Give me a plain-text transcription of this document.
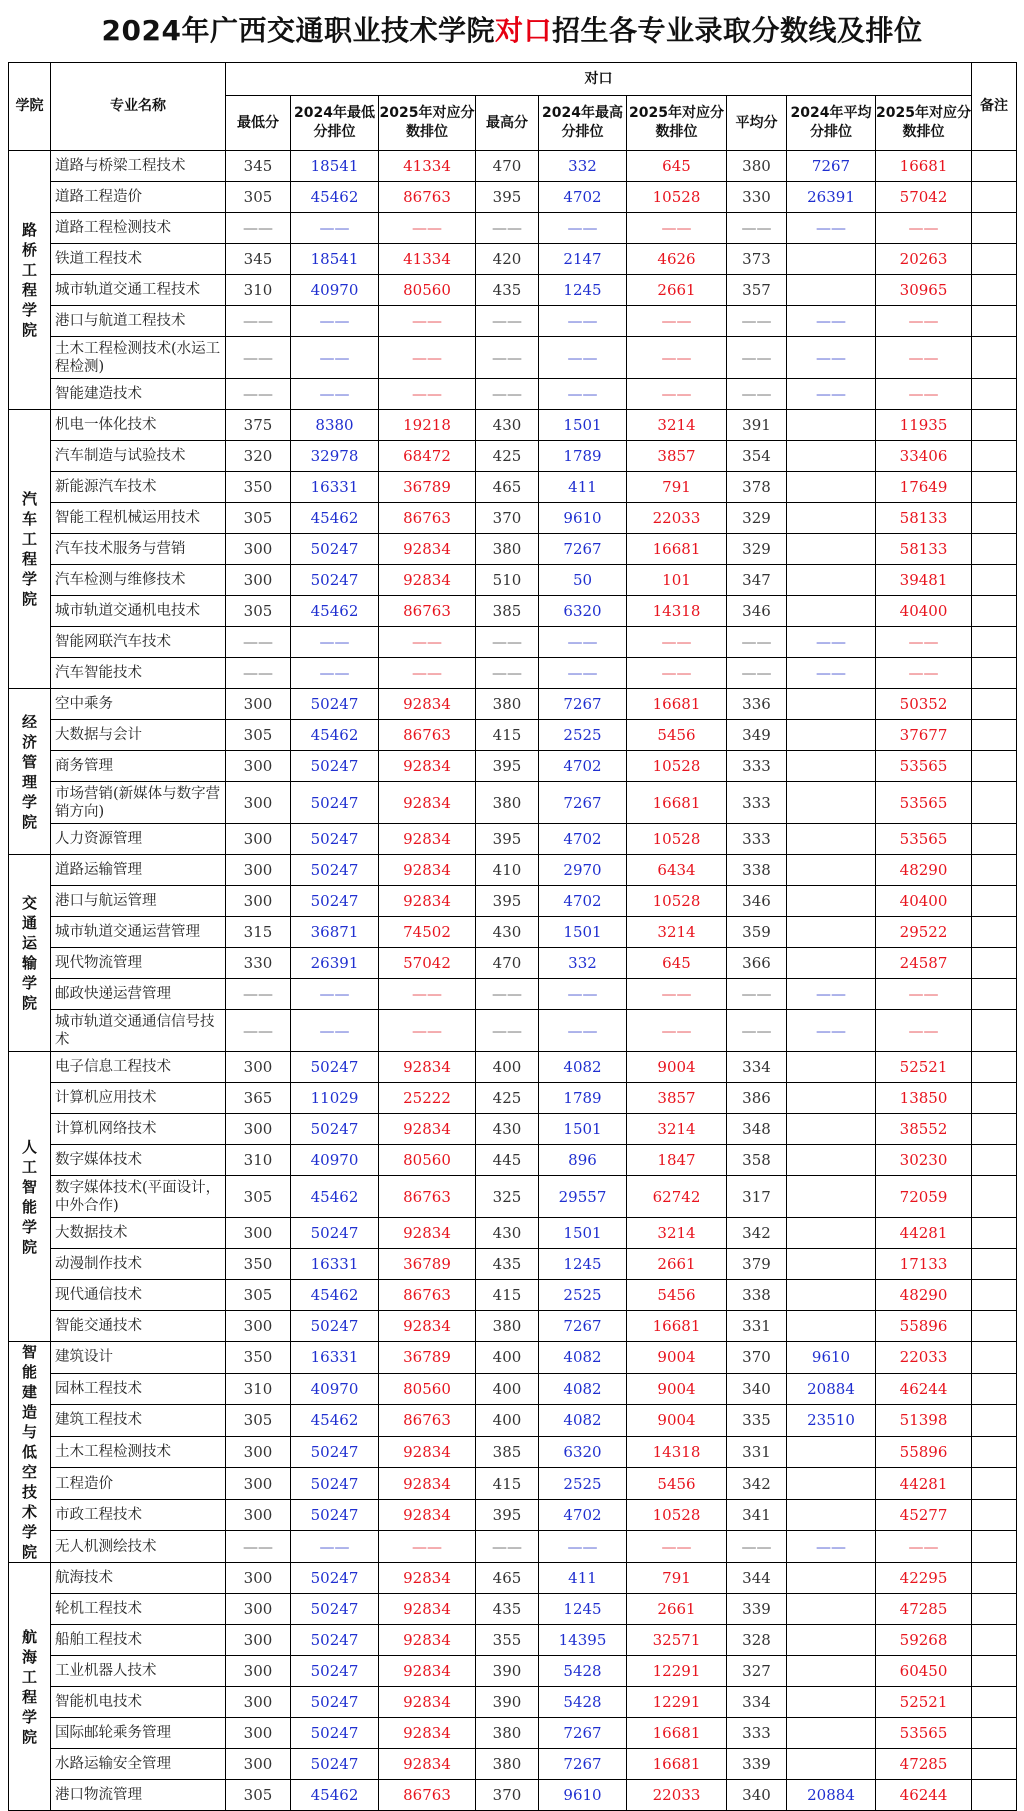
2024年广西交通职业技术学院对口招生各专业录取分数线及排位
学院	专业名称	对口									备注
		最低分	2024年最低分排位	2025年对应分数排位	最高分	2024年最高分排位	2025年对应分数排位	平均分	2024年平均分排位	2025年对应分数排位	
路桥工程学院	道路与桥梁工程技术	345	18541	41334	470	332	645	380	7267	16681	
	道路工程造价	305	45462	86763	395	4702	10528	330	26391	57042	
	道路工程检测技术	——	——	——	——	——	——	——	——	——	
	铁道工程技术	345	18541	41334	420	2147	4626	373		20263	
	城市轨道交通工程技术	310	40970	80560	435	1245	2661	357		30965	
	港口与航道工程技术	——	——	——	——	——	——	——	——	——	
	土木工程检测技术(水运工程检测)	——	——	——	——	——	——	——	——	——	
	智能建造技术	——	——	——	——	——	——	——	——	——	
汽车工程学院	机电一体化技术	375	8380	19218	430	1501	3214	391		11935	
	汽车制造与试验技术	320	32978	68472	425	1789	3857	354		33406	
	新能源汽车技术	350	16331	36789	465	411	791	378		17649	
	智能工程机械运用技术	305	45462	86763	370	9610	22033	329		58133	
	汽车技术服务与营销	300	50247	92834	380	7267	16681	329		58133	
	汽车检测与维修技术	300	50247	92834	510	50	101	347		39481	
	城市轨道交通机电技术	305	45462	86763	385	6320	14318	346		40400	
	智能网联汽车技术	——	——	——	——	——	——	——	——	——	
	汽车智能技术	——	——	——	——	——	——	——	——	——	
经济管理学院	空中乘务	300	50247	92834	380	7267	16681	336		50352	
	大数据与会计	305	45462	86763	415	2525	5456	349		37677	
	商务管理	300	50247	92834	395	4702	10528	333		53565	
	市场营销(新媒体与数字营销方向)	300	50247	92834	380	7267	16681	333		53565	
	人力资源管理	300	50247	92834	395	4702	10528	333		53565	
交通运输学院	道路运输管理	300	50247	92834	410	2970	6434	338		48290	
	港口与航运管理	300	50247	92834	395	4702	10528	346		40400	
	城市轨道交通运营管理	315	36871	74502	430	1501	3214	359		29522	
	现代物流管理	330	26391	57042	470	332	645	366		24587	
	邮政快递运营管理	——	——	——	——	——	——	——	——	——	
	城市轨道交通通信信号技术	——	——	——	——	——	——	——	——	——	
人工智能学院	电子信息工程技术	300	50247	92834	400	4082	9004	334		52521	
	计算机应用技术	365	11029	25222	425	1789	3857	386		13850	
	计算机网络技术	300	50247	92834	430	1501	3214	348		38552	
	数字媒体技术	310	40970	80560	445	896	1847	358		30230	
	数字媒体技术(平面设计，中外合作)	305	45462	86763	325	29557	62742	317		72059	
	大数据技术	300	50247	92834	430	1501	3214	342		44281	
	动漫制作技术	350	16331	36789	435	1245	2661	379		17133	
	现代通信技术	305	45462	86763	415	2525	5456	338		48290	
	智能交通技术	300	50247	92834	380	7267	16681	331		55896	
智能建造与低空技术学院	建筑设计	350	16331	36789	400	4082	9004	370	9610	22033	
	园林工程技术	310	40970	80560	400	4082	9004	340	20884	46244	
	建筑工程技术	305	45462	86763	400	4082	9004	335	23510	51398	
	土木工程检测技术	300	50247	92834	385	6320	14318	331		55896	
	工程造价	300	50247	92834	415	2525	5456	342		44281	
	市政工程技术	300	50247	92834	395	4702	10528	341		45277	
	无人机测绘技术	——	——	——	——	——	——	——	——	——	
航海工程学院	航海技术	300	50247	92834	465	411	791	344		42295	
	轮机工程技术	300	50247	92834	435	1245	2661	339		47285	
	船舶工程技术	300	50247	92834	355	14395	32571	328		59268	
	工业机器人技术	300	50247	92834	390	5428	12291	327		60450	
	智能机电技术	300	50247	92834	390	5428	12291	334		52521	
	国际邮轮乘务管理	300	50247	92834	380	7267	16681	333		53565	
	水路运输安全管理	300	50247	92834	380	7267	16681	339		47285	
	港口物流管理	305	45462	86763	370	9610	22033	340	20884	46244	
